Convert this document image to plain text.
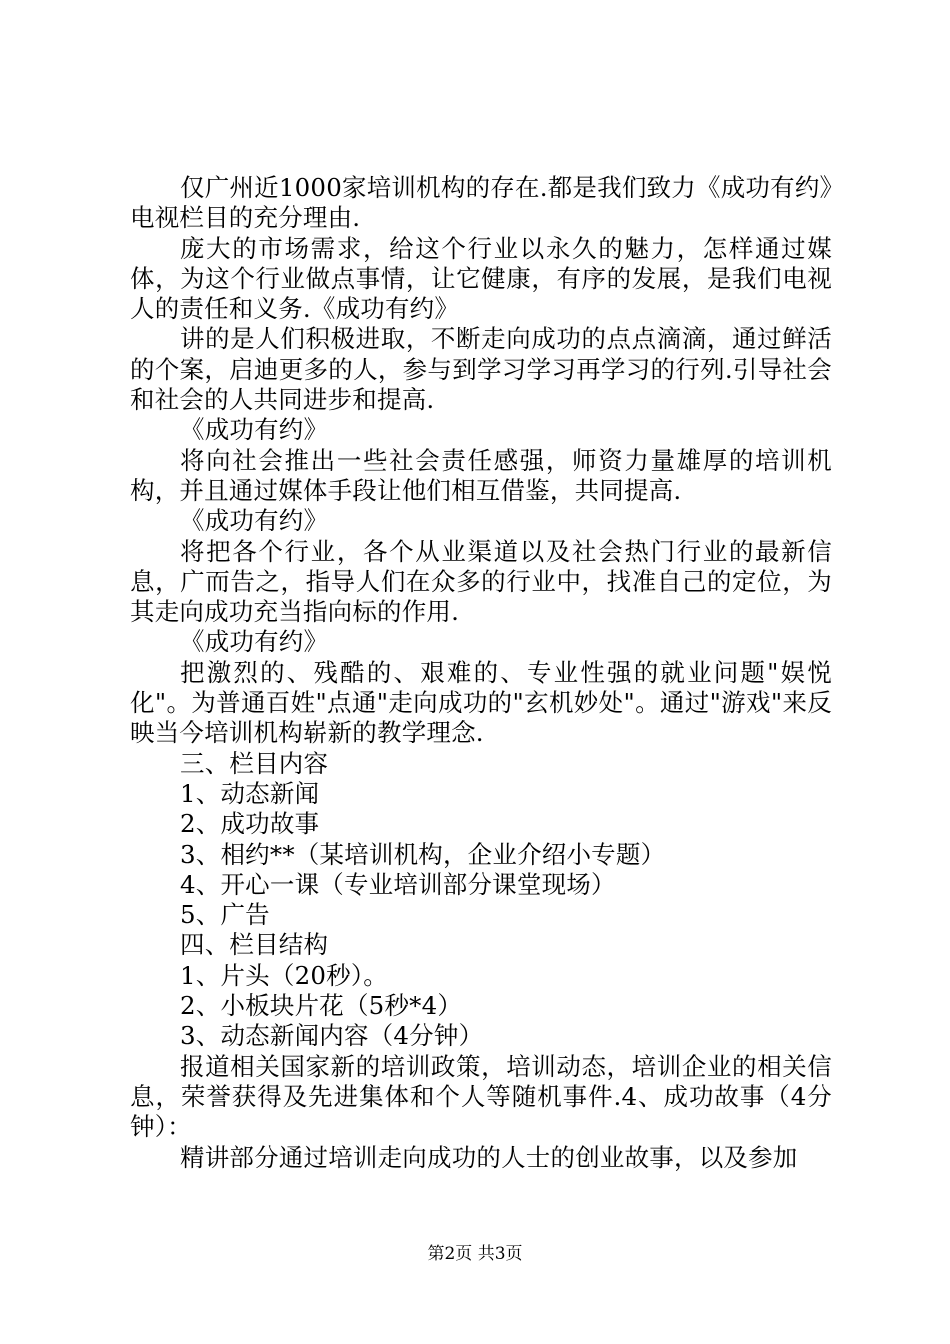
仅广州近1000家培训机构的存在.都是我们致力《成功有约》电视栏目的充分理由.

庞大的市场需求，给这个行业以永久的魅力，怎样通过媒体，为这个行业做点事情，让它健康，有序的发展，是我们电视人的责任和义务.《成功有约》

讲的是人们积极进取，不断走向成功的点点滴滴，通过鲜活的个案，启迪更多的人，参与到学习学习再学习的行列.引导社会和社会的人共同进步和提高.

《成功有约》

将向社会推出一些社会责任感强，师资力量雄厚的培训机构，并且通过媒体手段让他们相互借鉴，共同提高.

《成功有约》

将把各个行业，各个从业渠道以及社会热门行业的最新信息，广而告之，指导人们在众多的行业中，找准自己的定位，为其走向成功充当指向标的作用.

《成功有约》

把激烈的、残酷的、艰难的、专业性强的就业问题"娱悦化"。为普通百姓"点通"走向成功的"玄机妙处"。通过"游戏"来反映当今培训机构崭新的教学理念.

三、栏目内容

1、动态新闻

2、成功故事

3、相约**（某培训机构，企业介绍小专题）

4、开心一课（专业培训部分课堂现场）

5、广告

四、栏目结构

1、片头（20秒）。

2、小板块片花（5秒*4）

3、动态新闻内容（4分钟）

报道相关国家新的培训政策，培训动态，培训企业的相关信息，荣誉获得及先进集体和个人等随机事件.4、成功故事（4分钟）：

精讲部分通过培训走向成功的人士的创业故事，以及参加

第2页 共3页
